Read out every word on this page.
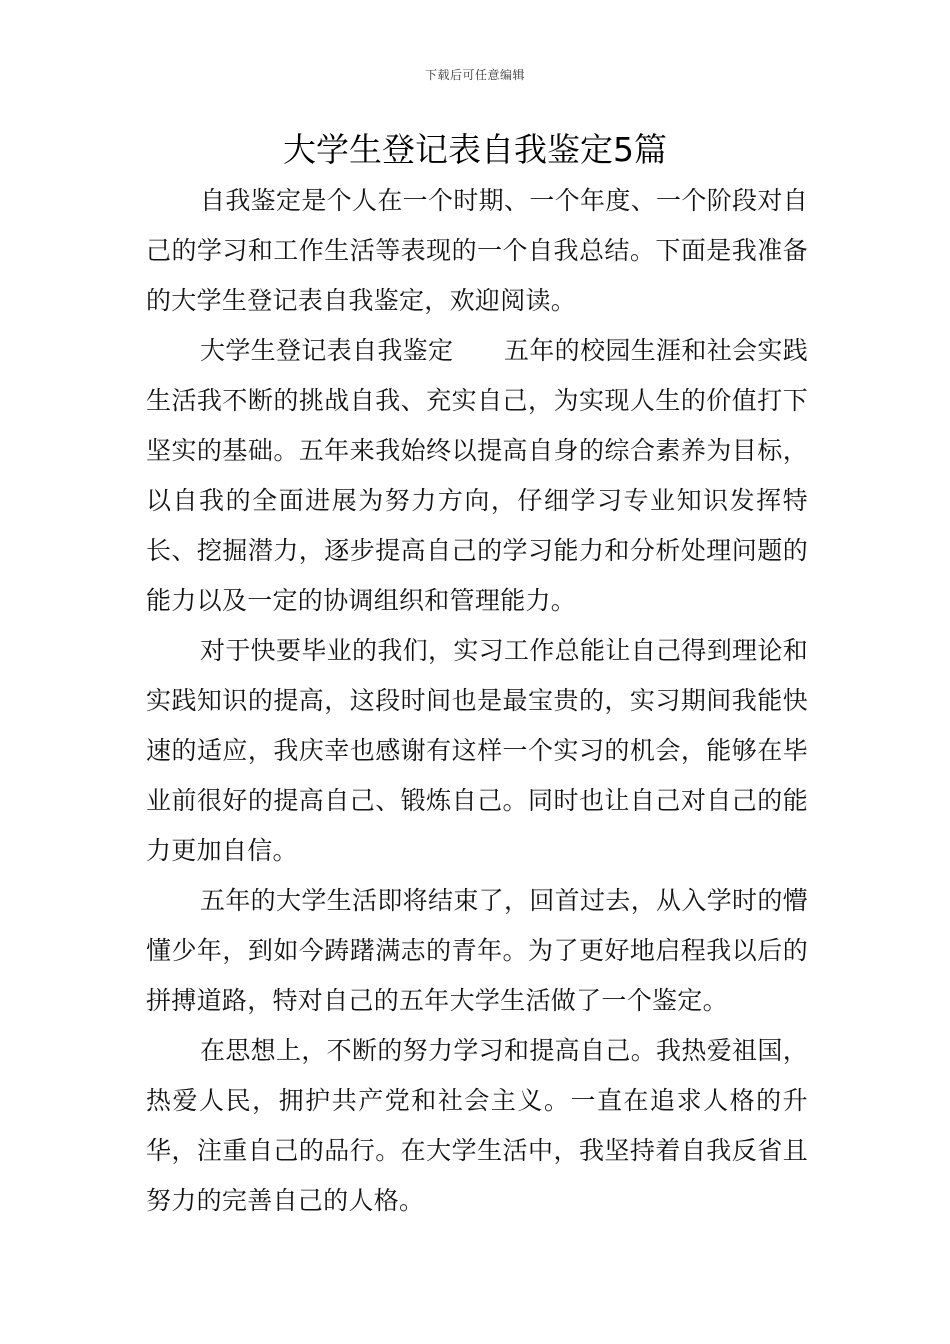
下载后可任意编辑
大学生登记表自我鉴定5篇

自我鉴定是个人在一个时期、一个年度、一个阶段对自己的学习和工作生活等表现的一个自我总结。下面是我准备的大学生登记表自我鉴定，欢迎阅读。

大学生登记表自我鉴定　　五年的校园生涯和社会实践生活我不断的挑战自我、充实自己，为实现人生的价值打下坚实的基础。五年来我始终以提高自身的综合素养为目标，以自我的全面进展为努力方向，仔细学习专业知识发挥特长、挖掘潜力，逐步提高自己的学习能力和分析处理问题的能力以及一定的协调组织和管理能力。

对于快要毕业的我们，实习工作总能让自己得到理论和实践知识的提高，这段时间也是最宝贵的，实习期间我能快速的适应，我庆幸也感谢有这样一个实习的机会，能够在毕业前很好的提高自己、锻炼自己。同时也让自己对自己的能力更加自信。

五年的大学生活即将结束了，回首过去，从入学时的懵懂少年，到如今踌躇满志的青年。为了更好地启程我以后的拼搏道路，特对自己的五年大学生活做了一个鉴定。

在思想上，不断的努力学习和提高自己。我热爱祖国，热爱人民，拥护共产党和社会主义。一直在追求人格的升华，注重自己的品行。在大学生活中，我坚持着自我反省且努力的完善自己的人格。
